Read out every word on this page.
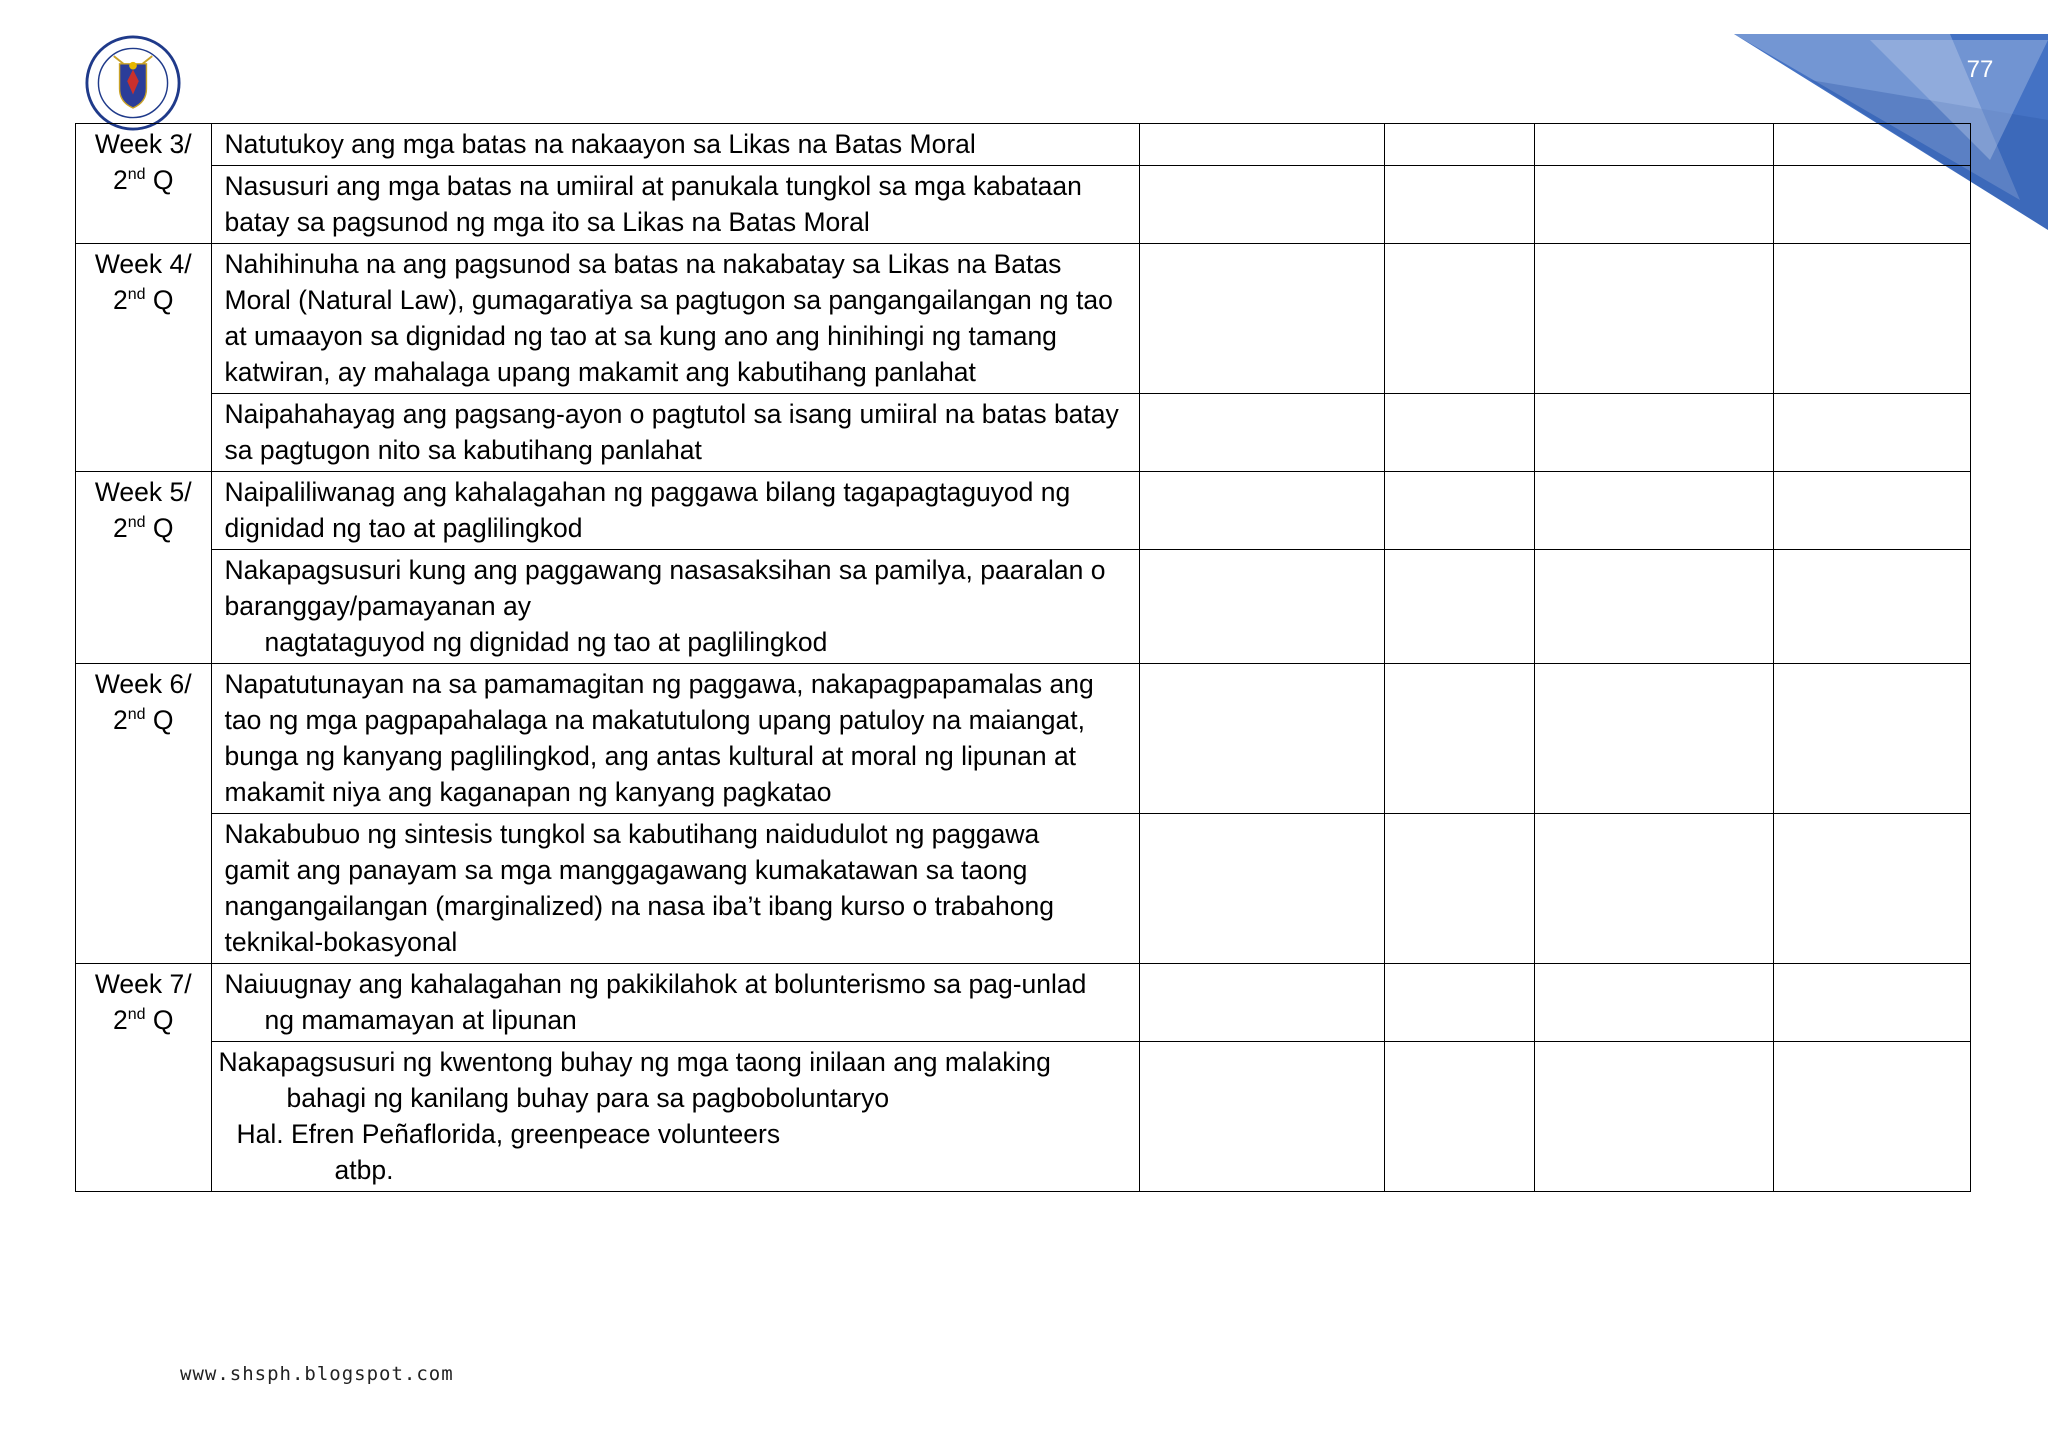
77
Week 3/
2nd Q	Natutukoy ang mga batas na nakaayon sa Likas na Batas Moral				

	Nasusuri ang mga batas na umiiral at panukala tungkol sa mga kabataan
batay sa pagsunod ng mga ito sa Likas na Batas Moral				

Week 4/
2nd Q	Nahihinuha na ang pagsunod sa batas na nakabatay sa Likas na Batas
Moral (Natural Law), gumagaratiya sa pagtugon sa pangangailangan ng tao
at umaayon sa dignidad ng tao at sa kung ano ang hinihingi ng tamang
katwiran, ay mahalaga upang makamit ang kabutihang panlahat				

	Naipahahayag ang pagsang-ayon o pagtutol sa isang umiiral na batas batay
sa pagtugon nito sa kabutihang panlahat				

Week 5/
2nd Q	Naipaliliwanag ang kahalagahan ng paggawa bilang tagapagtaguyod ng
dignidad ng tao at paglilingkod				

	Nakapagsusuri kung ang paggawang nasasaksihan sa pamilya, paaralan o
baranggay/pamayanan ay
nagtataguyod ng dignidad ng tao at paglilingkod				

Week 6/
2nd Q	Napatutunayan na sa pamamagitan ng paggawa, nakapagpapamalas ang
tao ng mga pagpapahalaga na makatutulong upang patuloy na maiangat,
bunga ng kanyang paglilingkod, ang antas kultural at moral ng lipunan at
makamit niya ang kaganapan ng kanyang pagkatao				

	Nakabubuo ng sintesis tungkol sa kabutihang naidudulot ng paggawa
gamit ang panayam sa mga manggagawang kumakatawan sa taong
nangangailangan (marginalized) na nasa iba’t ibang kurso o trabahong
teknikal-bokasyonal				

Week 7/
2nd Q	Naiuugnay ang kahalagahan ng pakikilahok at bolunterismo sa pag-unlad
ng mamamayan at lipunan				

	Nakapagsusuri ng kwentong buhay ng mga taong inilaan ang malaking
bahagi ng kanilang buhay para sa pagboboluntaryo
Hal. Efren Peñaflorida, greenpeace volunteers
atbp.				

www.shsph.blogspot.com
